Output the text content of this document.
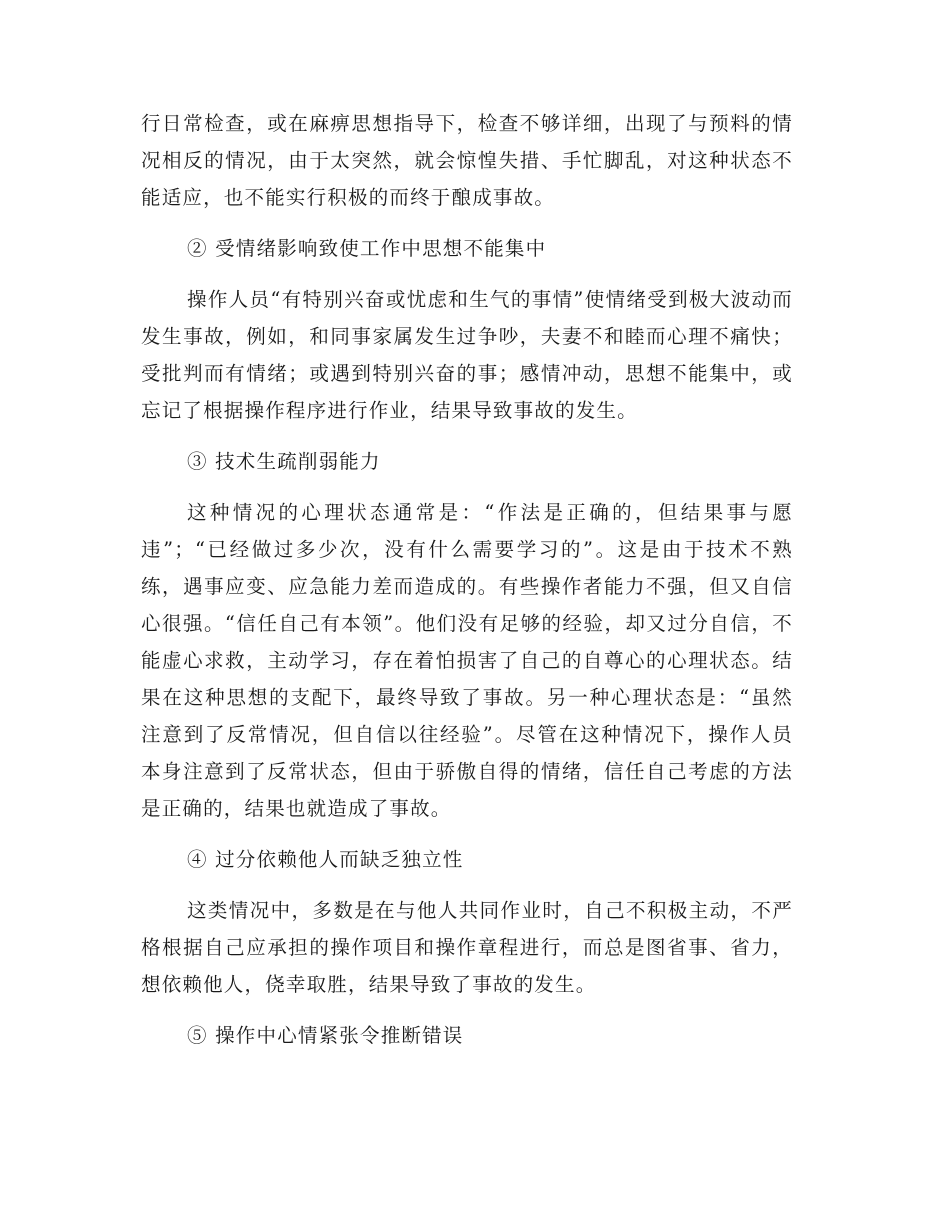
行日常检查，或在麻痹思想指导下，检查不够详细，出现了与预料的情况相反的情况，由于太突然，就会惊惶失措、手忙脚乱，对这种状态不能适应，也不能实行积极的而终于酿成事故。

② 受情绪影响致使工作中思想不能集中

操作人员“有特别兴奋或忧虑和生气的事情”使情绪受到极大波动而发生事故，例如，和同事家属发生过争吵，夫妻不和睦而心理不痛快；受批判而有情绪；或遇到特别兴奋的事；感情冲动，思想不能集中，或忘记了根据操作程序进行作业，结果导致事故的发生。

③ 技术生疏削弱能力

这种情况的心理状态通常是：“作法是正确的，但结果事与愿违”；“已经做过多少次，没有什么需要学习的”。这是由于技术不熟练，遇事应变、应急能力差而造成的。有些操作者能力不强，但又自信心很强。“信任自己有本领”。他们没有足够的经验，却又过分自信，不能虚心求救，主动学习，存在着怕损害了自己的自尊心的心理状态。结果在这种思想的支配下，最终导致了事故。另一种心理状态是：“虽然注意到了反常情况，但自信以往经验”。尽管在这种情况下，操作人员本身注意到了反常状态，但由于骄傲自得的情绪，信任自己考虑的方法是正确的，结果也就造成了事故。

④ 过分依赖他人而缺乏独立性

这类情况中，多数是在与他人共同作业时，自己不积极主动，不严格根据自己应承担的操作项目和操作章程进行，而总是图省事、省力，想依赖他人，侥幸取胜，结果导致了事故的发生。

⑤ 操作中心情紧张令推断错误
